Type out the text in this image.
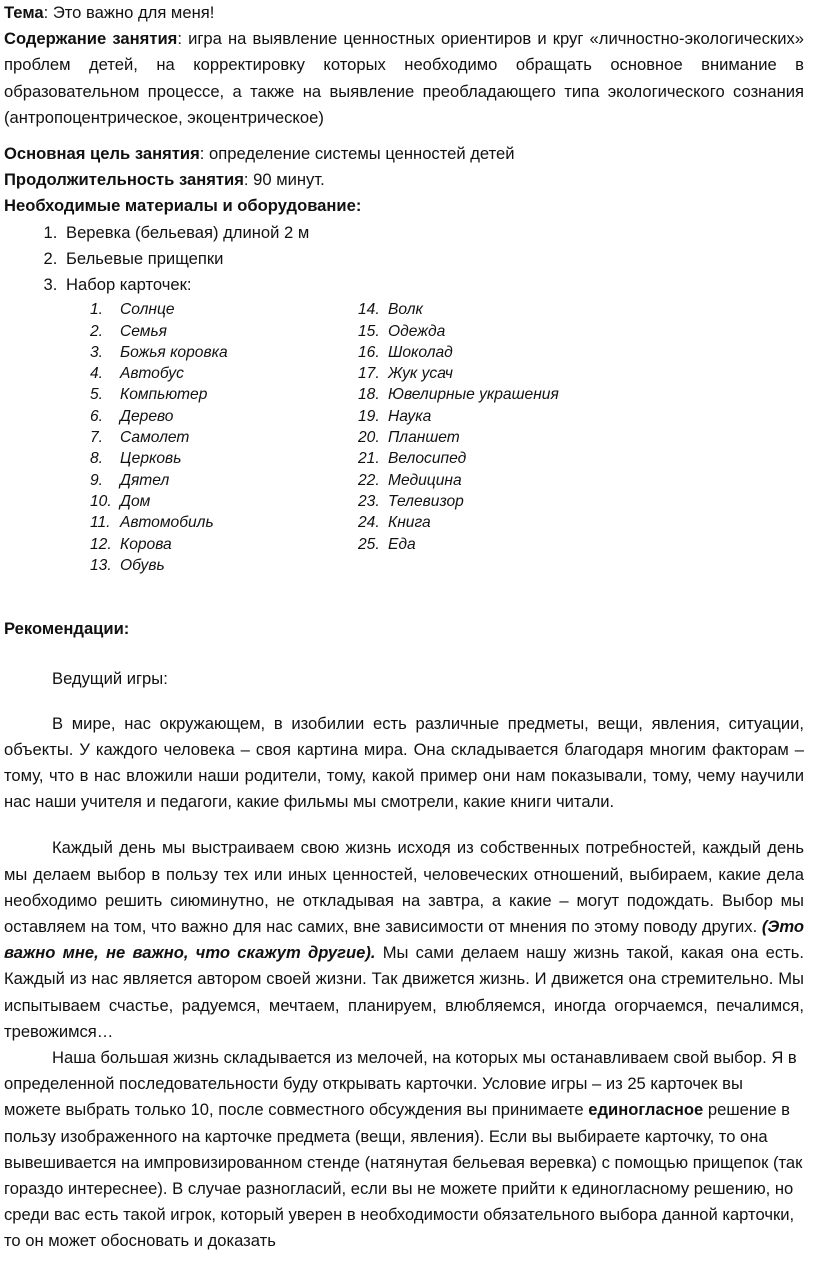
Тема: Это важно для меня!

Содержание занятия: игра на выявление ценностных ориентиров и круг «личностно-экологических» проблем детей, на корректировку которых необходимо обращать основное внимание в образовательном процессе, а также на выявление преобладающего типа экологического сознания (антропоцентрическое, экоцентрическое)

Основная цель занятия: определение системы ценностей детей

Продолжительность занятия: 90 минут.

Необходимые материалы и оборудование:

1. Веревка (бельевая) длиной 2 м
2. Бельевые прищепки
3. Набор карточек:
1.	Солнце
2.	Семья
3.	Божья коровка
4.	Автобус
5.	Компьютер
6.	Дерево
7.	Самолет
8.	Церковь
9.	Дятел
10. Дом
11. Автомобиль
12. Корова
13. Обувь
14. Волк
15. Одежда
16. Шоколад
17. Жук усач
18. Ювелирные украшения
19. Наука
20. Планшет
21. Велосипед
22. Медицина
23. Телевизор
24. Книга
25. Еда

Рекомендации:

Ведущий игры:

В мире, нас окружающем, в изобилии есть различные предметы, вещи, явления, ситуации, объекты. У каждого человека – своя картина мира. Она складывается благодаря многим факторам – тому, что в нас вложили наши родители, тому, какой пример они нам показывали, тому, чему научили нас наши учителя и педагоги, какие фильмы мы смотрели, какие книги читали.

Каждый день мы выстраиваем свою жизнь исходя из собственных потребностей, каждый день мы делаем выбор в пользу тех или иных ценностей, человеческих отношений, выбираем, какие дела необходимо решить сиюминутно, не откладывая на завтра, а какие – могут подождать. Выбор мы оставляем на том, что важно для нас самих, вне зависимости от мнения по этому поводу других. (Это важно мне, не важно, что скажут другие). Мы сами делаем нашу жизнь такой, какая она есть. Каждый из нас является автором своей жизни. Так движется жизнь. И движется она стремительно. Мы испытываем счастье, радуемся, мечтаем, планируем, влюбляемся, иногда огорчаемся, печалимся, тревожимся…

Наша большая жизнь складывается из мелочей, на которых мы останавливаем свой выбор. Я в определенной последовательности буду открывать карточки. Условие игры – из 25 карточек вы можете выбрать только 10, после совместного обсуждения вы принимаете единогласное решение в пользу изображенного на карточке предмета (вещи, явления). Если вы выбираете карточку, то она вывешивается на импровизированном стенде (натянутая бельевая веревка) с помощью прищепок (так гораздо интереснее). В случае разногласий, если вы не можете прийти к единогласному решению, но среди вас есть такой игрок, который уверен в необходимости обязательного выбора данной карточки, то он может обосновать и доказать
